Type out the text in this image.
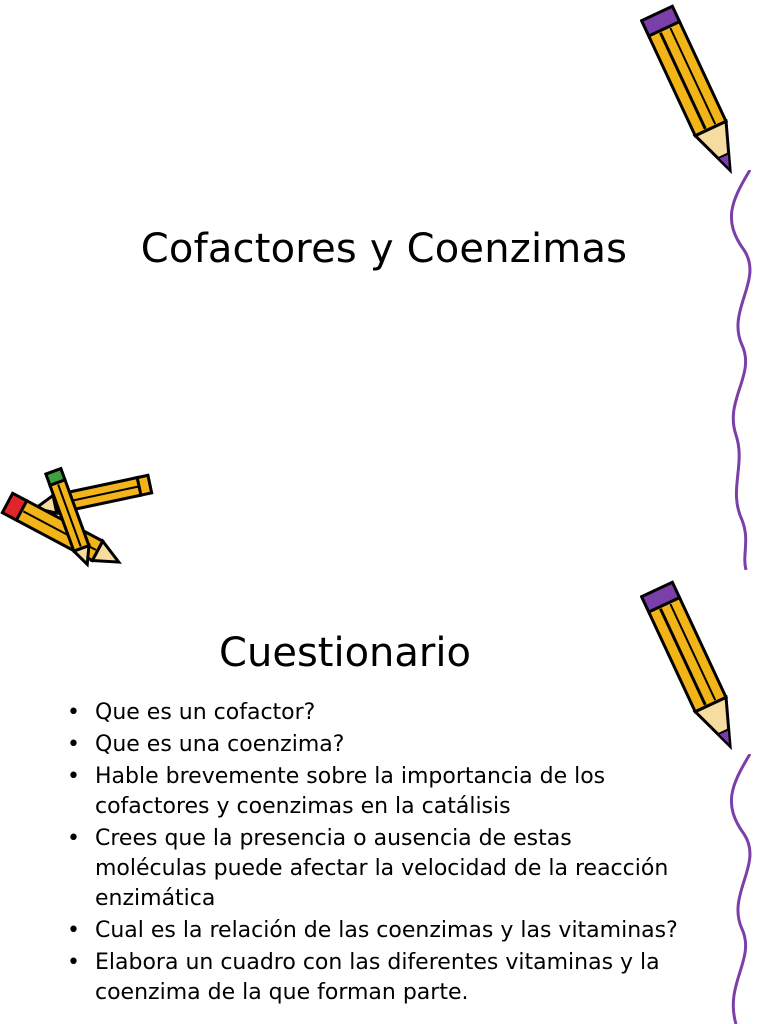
Cofactores y Coenzimas
Cuestionario
• Que es un cofactor?
• Que es una coenzima?
• Hable brevemente sobre la importancia de los cofactores y coenzimas en la catálisis
• Crees que la presencia o ausencia de estas moléculas puede afectar la velocidad de la reacción enzimática
• Cual es la relación de las coenzimas y las vitaminas?
• Elabora un cuadro con las diferentes vitaminas y la coenzima de la que forman parte.
